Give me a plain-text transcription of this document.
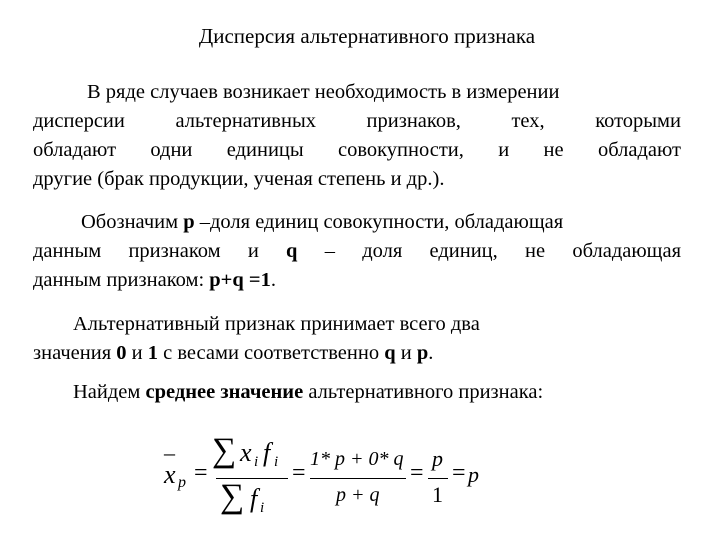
Дисперсия альтернативного признака
В ряде случаев возникает необходимость в измерении
дисперсии альтернативных признаков, тех, которыми
обладают одни единицы совокупности, и не обладают
другие (брак продукции, ученая степень и др.).
Обозначим р –доля единиц совокупности, обладающая
данным признаком и q – доля единиц, не обладающая
данным признаком: p+q =1.
Альтернативный признак принимает всего два
значения 0 и 1 с весами соответственно q и р.
Найдем среднее значение альтернативного признака:
–
x p =
∑ x i f i
∑ f i
=
1* p + 0* q
p + q
=
p
1
= p
